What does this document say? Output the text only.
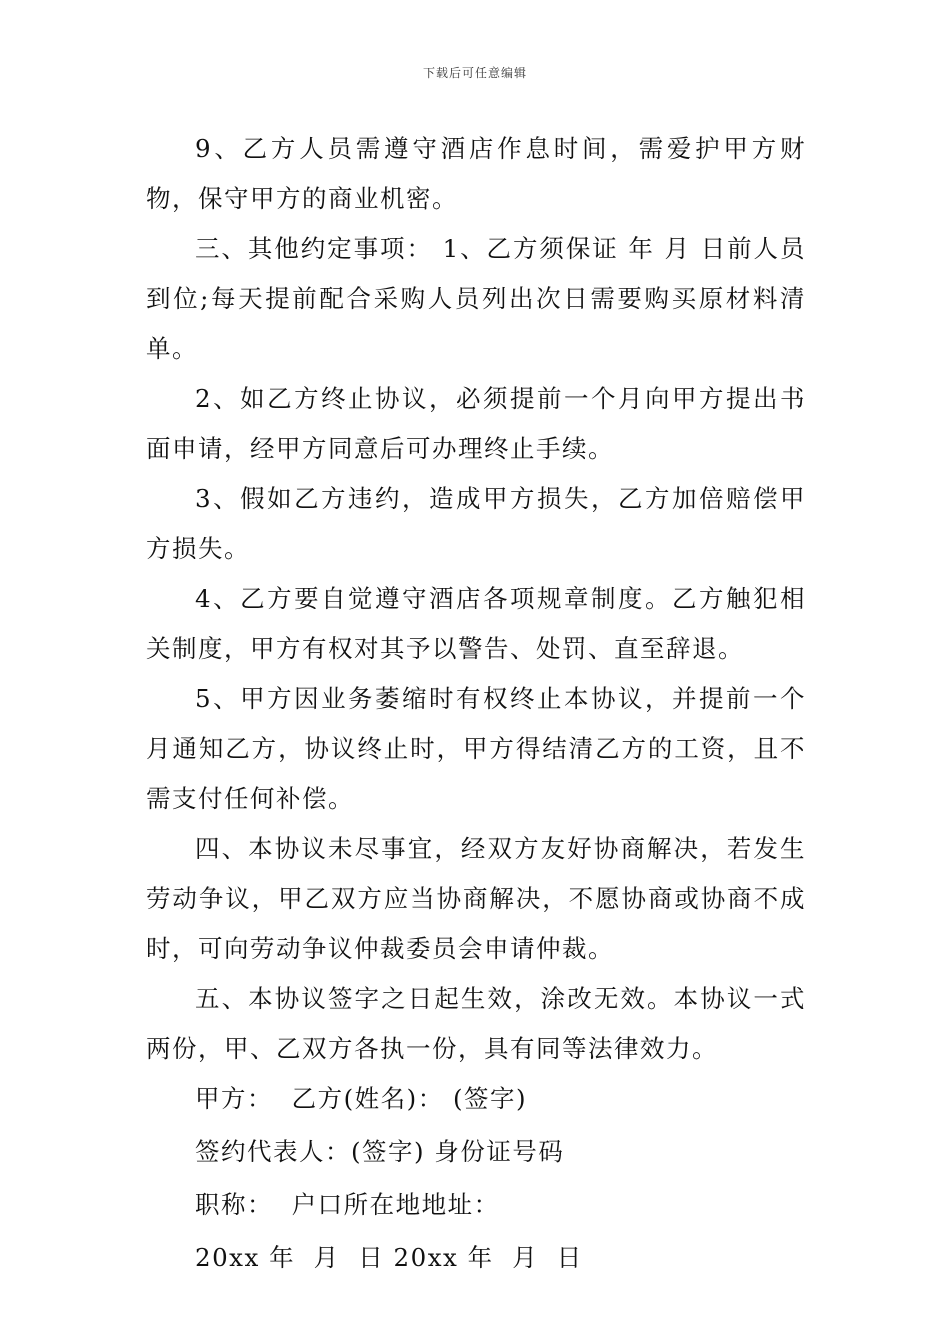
下载后可任意编辑

9、乙方人员需遵守酒店作息时间，需爱护甲方财物，保守甲方的商业机密。

三、其他约定事项： 1、乙方须保证 年 月 日前人员到位;每天提前配合采购人员列出次日需要购买原材料清单。

2、如乙方终止协议，必须提前一个月向甲方提出书面申请，经甲方同意后可办理终止手续。

3、假如乙方违约，造成甲方损失，乙方加倍赔偿甲方损失。

4、乙方要自觉遵守酒店各项规章制度。乙方触犯相关制度，甲方有权对其予以警告、处罚、直至辞退。

5、甲方因业务萎缩时有权终止本协议，并提前一个月通知乙方，协议终止时，甲方得结清乙方的工资，且不需支付任何补偿。

四、本协议未尽事宜，经双方友好协商解决，若发生劳动争议，甲乙双方应当协商解决，不愿协商或协商不成时，可向劳动争议仲裁委员会申请仲裁。

五、本协议签字之日起生效，涂改无效。本协议一式两份，甲、乙双方各执一份，具有同等法律效力。

甲方：  乙方(姓名)： (签字)

签约代表人：(签字) 身份证号码

职称：  户口所在地地址：

20xx 年  月  日 20xx 年  月  日
